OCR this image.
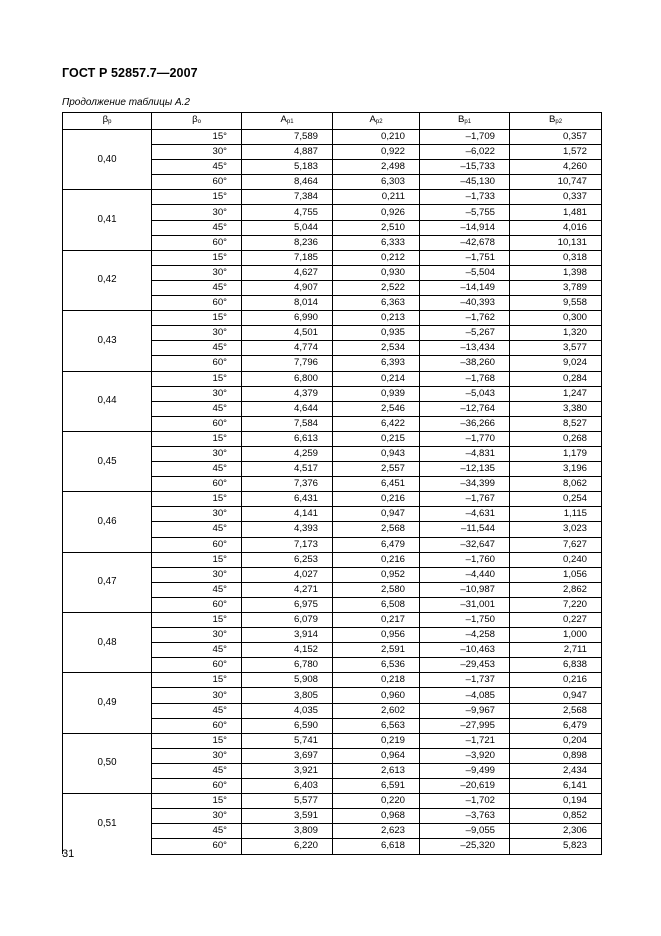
ГОСТ Р 52857.7—2007
Продолжение таблицы А.2
$\beta_р$	$\beta_о$	$A_{р1}$	$A_{р2}$	$B_{р1}$	$B_{р2}$
0,40	15°	7,589	0,210	–1,709	0,357
	30°	4,887	0,922	–6,022	1,572
	45°	5,183	2,498	–15,733	4,260
	60°	8,464	6,303	–45,130	10,747
0,41	15°	7,384	0,211	–1,733	0,337
	30°	4,755	0,926	–5,755	1,481
	45°	5,044	2,510	–14,914	4,016
	60°	8,236	6,333	–42,678	10,131
0,42	15°	7,185	0,212	–1,751	0,318
	30°	4,627	0,930	–5,504	1,398
	45°	4,907	2,522	–14,149	3,789
	60°	8,014	6,363	–40,393	9,558
0,43	15°	6,990	0,213	–1,762	0,300
	30°	4,501	0,935	–5,267	1,320
	45°	4,774	2,534	–13,434	3,577
	60°	7,796	6,393	–38,260	9,024
0,44	15°	6,800	0,214	–1,768	0,284
	30°	4,379	0,939	–5,043	1,247
	45°	4,644	2,546	–12,764	3,380
	60°	7,584	6,422	–36,266	8,527
0,45	15°	6,613	0,215	–1,770	0,268
	30°	4,259	0,943	–4,831	1,179
	45°	4,517	2,557	–12,135	3,196
	60°	7,376	6,451	–34,399	8,062
0,46	15°	6,431	0,216	–1,767	0,254
	30°	4,141	0,947	–4,631	1,115
	45°	4,393	2,568	–11,544	3,023
	60°	7,173	6,479	–32,647	7,627
0,47	15°	6,253	0,216	–1,760	0,240
	30°	4,027	0,952	–4,440	1,056
	45°	4,271	2,580	–10,987	2,862
	60°	6,975	6,508	–31,001	7,220
0,48	15°	6,079	0,217	–1,750	0,227
	30°	3,914	0,956	–4,258	1,000
	45°	4,152	2,591	–10,463	2,711
	60°	6,780	6,536	–29,453	6,838
0,49	15°	5,908	0,218	–1,737	0,216
	30°	3,805	0,960	–4,085	0,947
	45°	4,035	2,602	–9,967	2,568
	60°	6,590	6,563	–27,995	6,479
0,50	15°	5,741	0,219	–1,721	0,204
	30°	3,697	0,964	–3,920	0,898
	45°	3,921	2,613	–9,499	2,434
	60°	6,403	6,591	–20,619	6,141
0,51	15°	5,577	0,220	–1,702	0,194
	30°	3,591	0,968	–3,763	0,852
	45°	3,809	2,623	–9,055	2,306
	60°	6,220	6,618	–25,320	5,823
31
